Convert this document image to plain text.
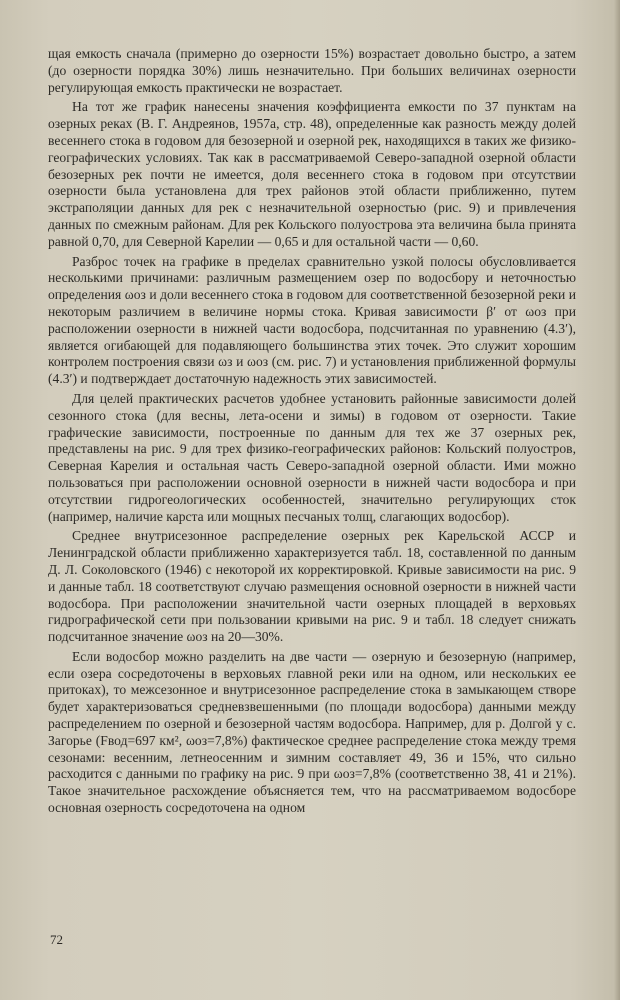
щая емкость сначала (примерно до озерности 15%) возрастает довольно быстро, а затем (до озерности порядка 30%) лишь незначительно. При больших величинах озерности регулирующая емкость практически не возрастает.

На тот же график нанесены значения коэффициента емкости по 37 пунктам на озерных реках (В. Г. Андреянов, 1957а, стр. 48), определенные как разность между долей весеннего стока в годовом для безозерной и озерной рек, находящихся в таких же физико-географических условиях. Так как в рассматриваемой Северо-западной озерной области безозерных рек почти не имеется, доля весеннего стока в годовом при отсутствии озерности была установлена для трех районов этой области приближенно, путем экстраполяции данных для рек с незначительной озерностью (рис. 9) и привлечения данных по смежным районам. Для рек Кольского полуострова эта величина была принята равной 0,70, для Северной Карелии — 0,65 и для остальной части — 0,60.

Разброс точек на графике в пределах сравнительно узкой полосы обусловливается несколькими причинами: различным размещением озер по водосбору и неточностью определения ωоз и доли весеннего стока в годовом для соответственной безозерной реки и некоторым различием в величине нормы стока. Кривая зависимости β′ от ωоз при расположении озерности в нижней части водосбора, подсчитанная по уравнению (4.3′), является огибающей для подавляющего большинства этих точек. Это служит хорошим контролем построения связи ωз и ωоз (см. рис. 7) и установления приближенной формулы (4.3′) и подтверждает достаточную надежность этих зависимостей.

Для целей практических расчетов удобнее установить районные зависимости долей сезонного стока (для весны, лета-осени и зимы) в годовом от озерности. Такие графические зависимости, построенные по данным для тех же 37 озерных рек, представлены на рис. 9 для трех физико-географических районов: Кольский полуостров, Северная Карелия и остальная часть Северо-западной озерной области. Ими можно пользоваться при расположении основной озерности в нижней части водосбора и при отсутствии гидрогеологических особенностей, значительно регулирующих сток (например, наличие карста или мощных песчаных толщ, слагающих водосбор).

Среднее внутрисезонное распределение озерных рек Карельской АССР и Ленинградской области приближенно характеризуется табл. 18, составленной по данным Д. Л. Соколовского (1946) с некоторой их корректировкой. Кривые зависимости на рис. 9 и данные табл. 18 соответствуют случаю размещения основной озерности в нижней части водосбора. При расположении значительной части озерных площадей в верховьях гидрографической сети при пользовании кривыми на рис. 9 и табл. 18 следует снижать подсчитанное значение ωоз на 20—30%.

Если водосбор можно разделить на две части — озерную и безозерную (например, если озера сосредоточены в верховьях главной реки или на одном, или нескольких ее притоках), то межсезонное и внутрисезонное распределение стока в замыкающем створе будет характеризоваться средневзвешенными (по площади водосбора) данными между распределением по озерной и безозерной частям водосбора. Например, для р. Долгой у с. Загорье (Fвод=697 км², ωоз=7,8%) фактическое среднее распределение стока между тремя сезонами: весенним, летнеосенним и зимним составляет 49, 36 и 15%, что сильно расходится с данными по графику на рис. 9 при ωоз=7,8% (соответственно 38, 41 и 21%). Такое значительное расхождение объясняется тем, что на рассматриваемом водосборе основная озерность сосредоточена на одном

72
